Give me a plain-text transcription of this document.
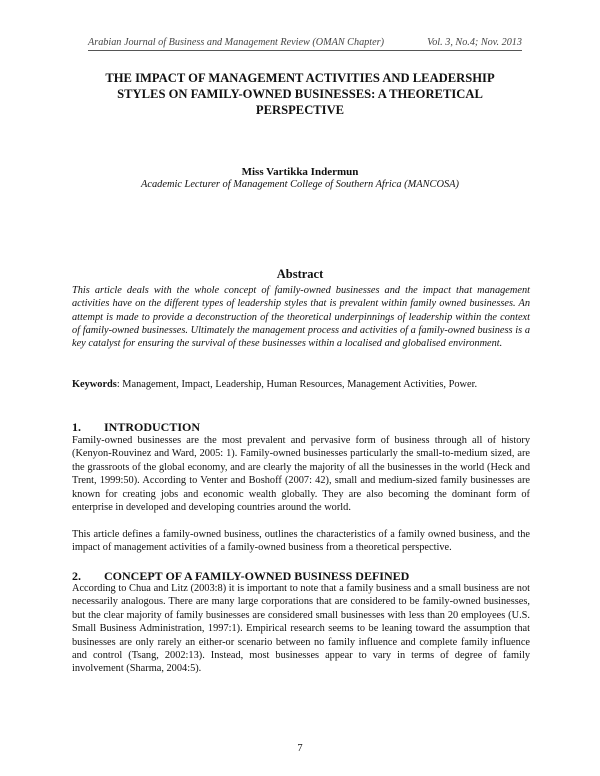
Arabian Journal of Business and Management Review (OMAN Chapter)	Vol. 3, No.4; Nov. 2013
THE IMPACT OF MANAGEMENT ACTIVITIES AND LEADERSHIP
STYLES ON FAMILY-OWNED BUSINESSES: A THEORETICAL
PERSPECTIVE
Miss Vartikka Indermun
Academic Lecturer of Management College of Southern Africa (MANCOSA)
Abstract

This article deals with the whole concept of family-owned businesses and the impact that management activities have on the different types of leadership styles that is prevalent within family owned businesses. An attempt is made to provide a deconstruction of the theoretical underpinnings of leadership within the context of family-owned businesses. Ultimately the management process and activities of a family-owned business is a key catalyst for ensuring the survival of these businesses within a localised and globalised environment.

Keywords: Management, Impact, Leadership, Human Resources, Management Activities, Power.

1. INTRODUCTION

Family-owned businesses are the most prevalent and pervasive form of business through all of history (Kenyon-Rouvinez and Ward, 2005: 1). Family-owned businesses particularly the small-to-medium sized, are the grassroots of the global economy, and are clearly the majority of all the businesses in the world (Heck and Trent, 1999:50). According to Venter and Boshoff (2007: 42), small and medium-sized family businesses are known for creating jobs and economic wealth globally. They are also becoming the dominant form of enterprise in developed and developing countries around the world.

This article defines a family-owned business, outlines the characteristics of a family owned business, and the impact of management activities of a family-owned business from a theoretical perspective.

2. CONCEPT OF A FAMILY-OWNED BUSINESS DEFINED

According to Chua and Litz (2003:8) it is important to note that a family business and a small business are not necessarily analogous. There are many large corporations that are considered to be family-owned businesses, but the clear majority of family businesses are considered small businesses with less than 20 employees (U.S. Small Business Administration, 1997:1). Empirical research seems to be leaning toward the assumption that businesses are only rarely an either-or scenario between no family influence and complete family influence and control (Tsang, 2002:13). Instead, most businesses appear to vary in terms of degree of family involvement (Sharma, 2004:5).

7
